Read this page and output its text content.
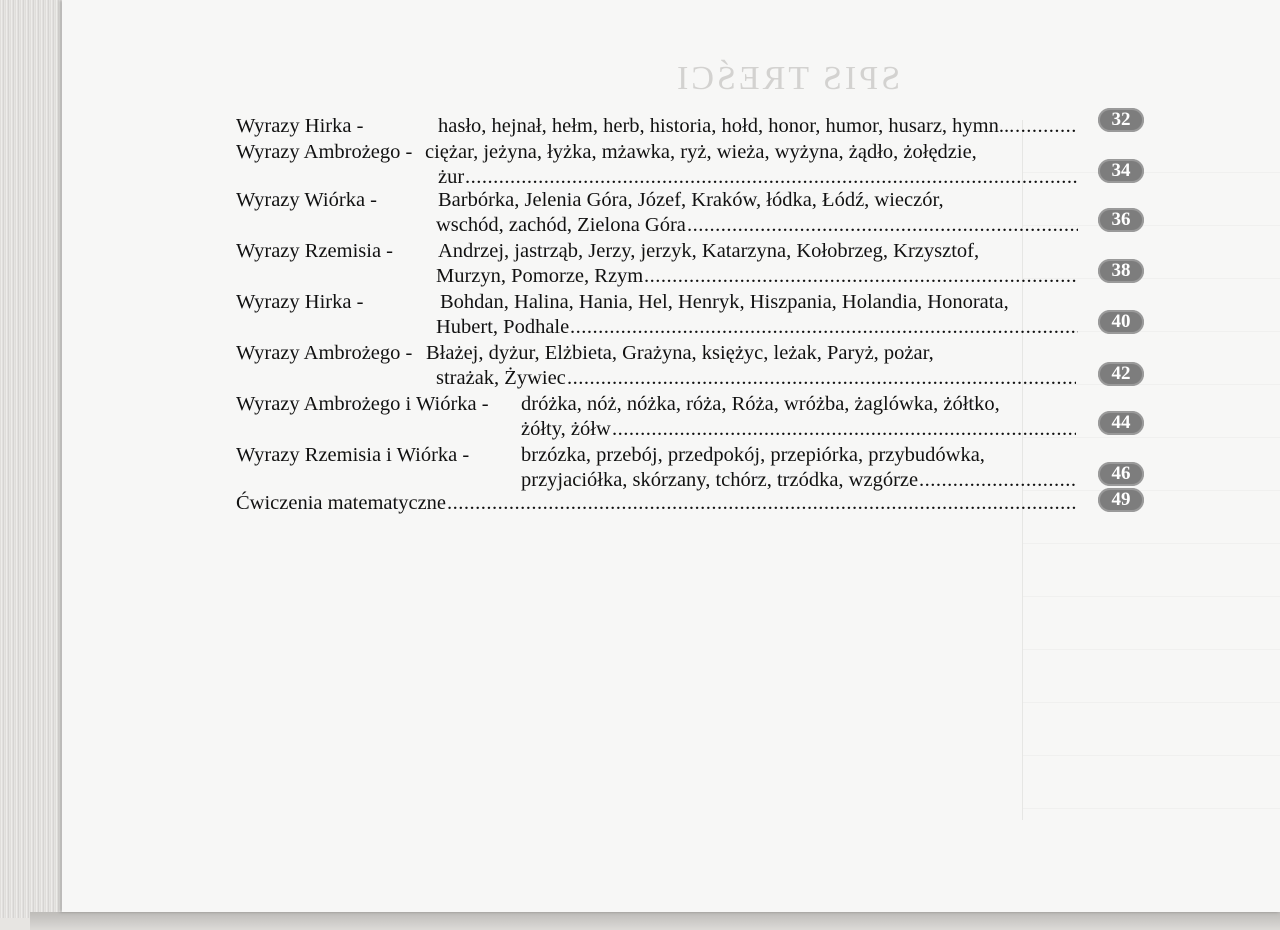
SPIS TREŚCI
Wyrazy Hirka -	hasło, hejnał, hełm, herb, historia, hołd, honor, humor, husarz, hymn... .....	32
Wyrazy Ambrożego - ciężar, jeżyna, łyżka, mżawka, ryż, wieża, wyżyna, żądło, żołędzie,
żur .....	34
Wyrazy Wiórka -	Barbórka, Jelenia Góra, Józef, Kraków, łódka, Łódź, wieczór,
wschód, zachód, Zielona Góra .....	36
Wyrazy Rzemisia - Andrzej, jastrząb, Jerzy, jerzyk, Katarzyna, Kołobrzeg, Krzysztof,
Murzyn, Pomorze, Rzym .....	38
Wyrazy Hirka -	Bohdan, Halina, Hania, Hel, Henryk, Hiszpania, Holandia, Honorata,
Hubert, Podhale .....	40
Wyrazy Ambrożego - Błażej, dyżur, Elżbieta, Grażyna, księżyc, leżak, Paryż, pożar,
strażak, Żywiec .....	42
Wyrazy Ambrożego i Wiórka - dróżka, nóż, nóżka, róża, Róża, wróżba, żaglówka, żółtko,
żółty, żółw .....	44
Wyrazy Rzemisia i Wiórka -	brzózka, przebój, przedpokój, przepiórka, przybudówka,
przyjaciółka, skórzany, tchórz, trzódka, wzgórze .....	46
Ćwiczenia matematyczne .....	49
